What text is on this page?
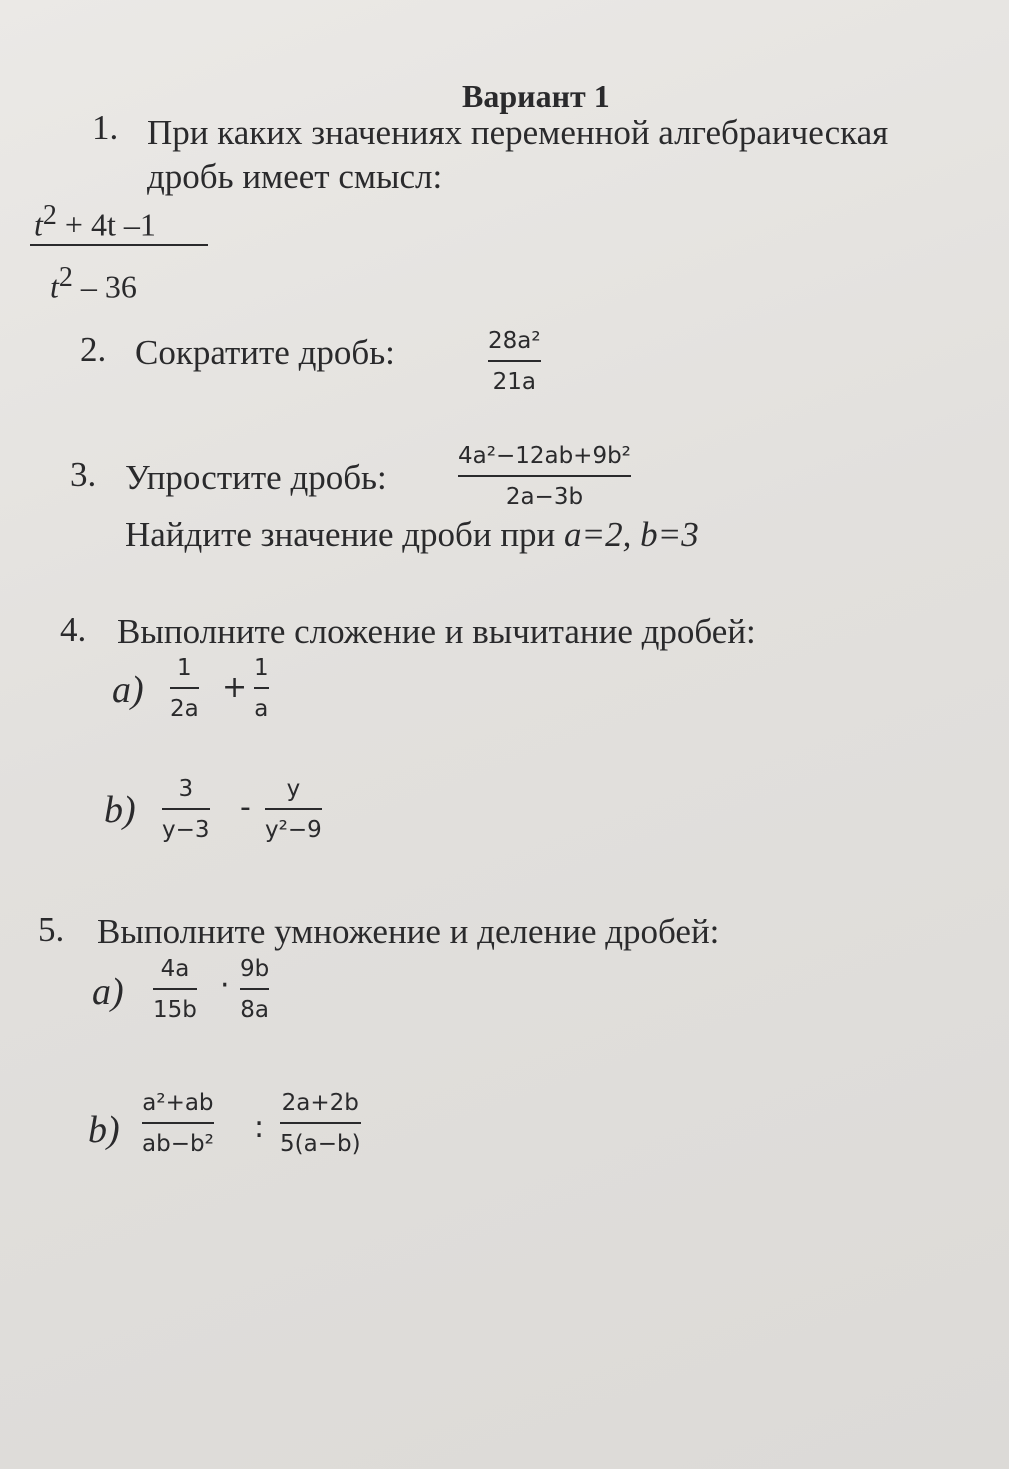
Вариант 1
1. При каких значениях переменной алгебраическая
дробь имеет смысл:
$t^2 + 4t$ –1
$t^2 - 36$
2. Сократите дробь:	28a²
21a
3. Упростите дробь:
4a²−12ab+9b²
2a−3b
Найдите значение дроби при a=2, b=3
4. Выполните сложение и вычитание дробей:
a)
1
2a
+
1
a
b) 3
y−3
-
y
y²−9
5. Выполните умножение и деление дробей:
a)
4a
15b
· 9b
8a
b)
a²+ab
ab−b² :
2a+2b
5(a−b)
